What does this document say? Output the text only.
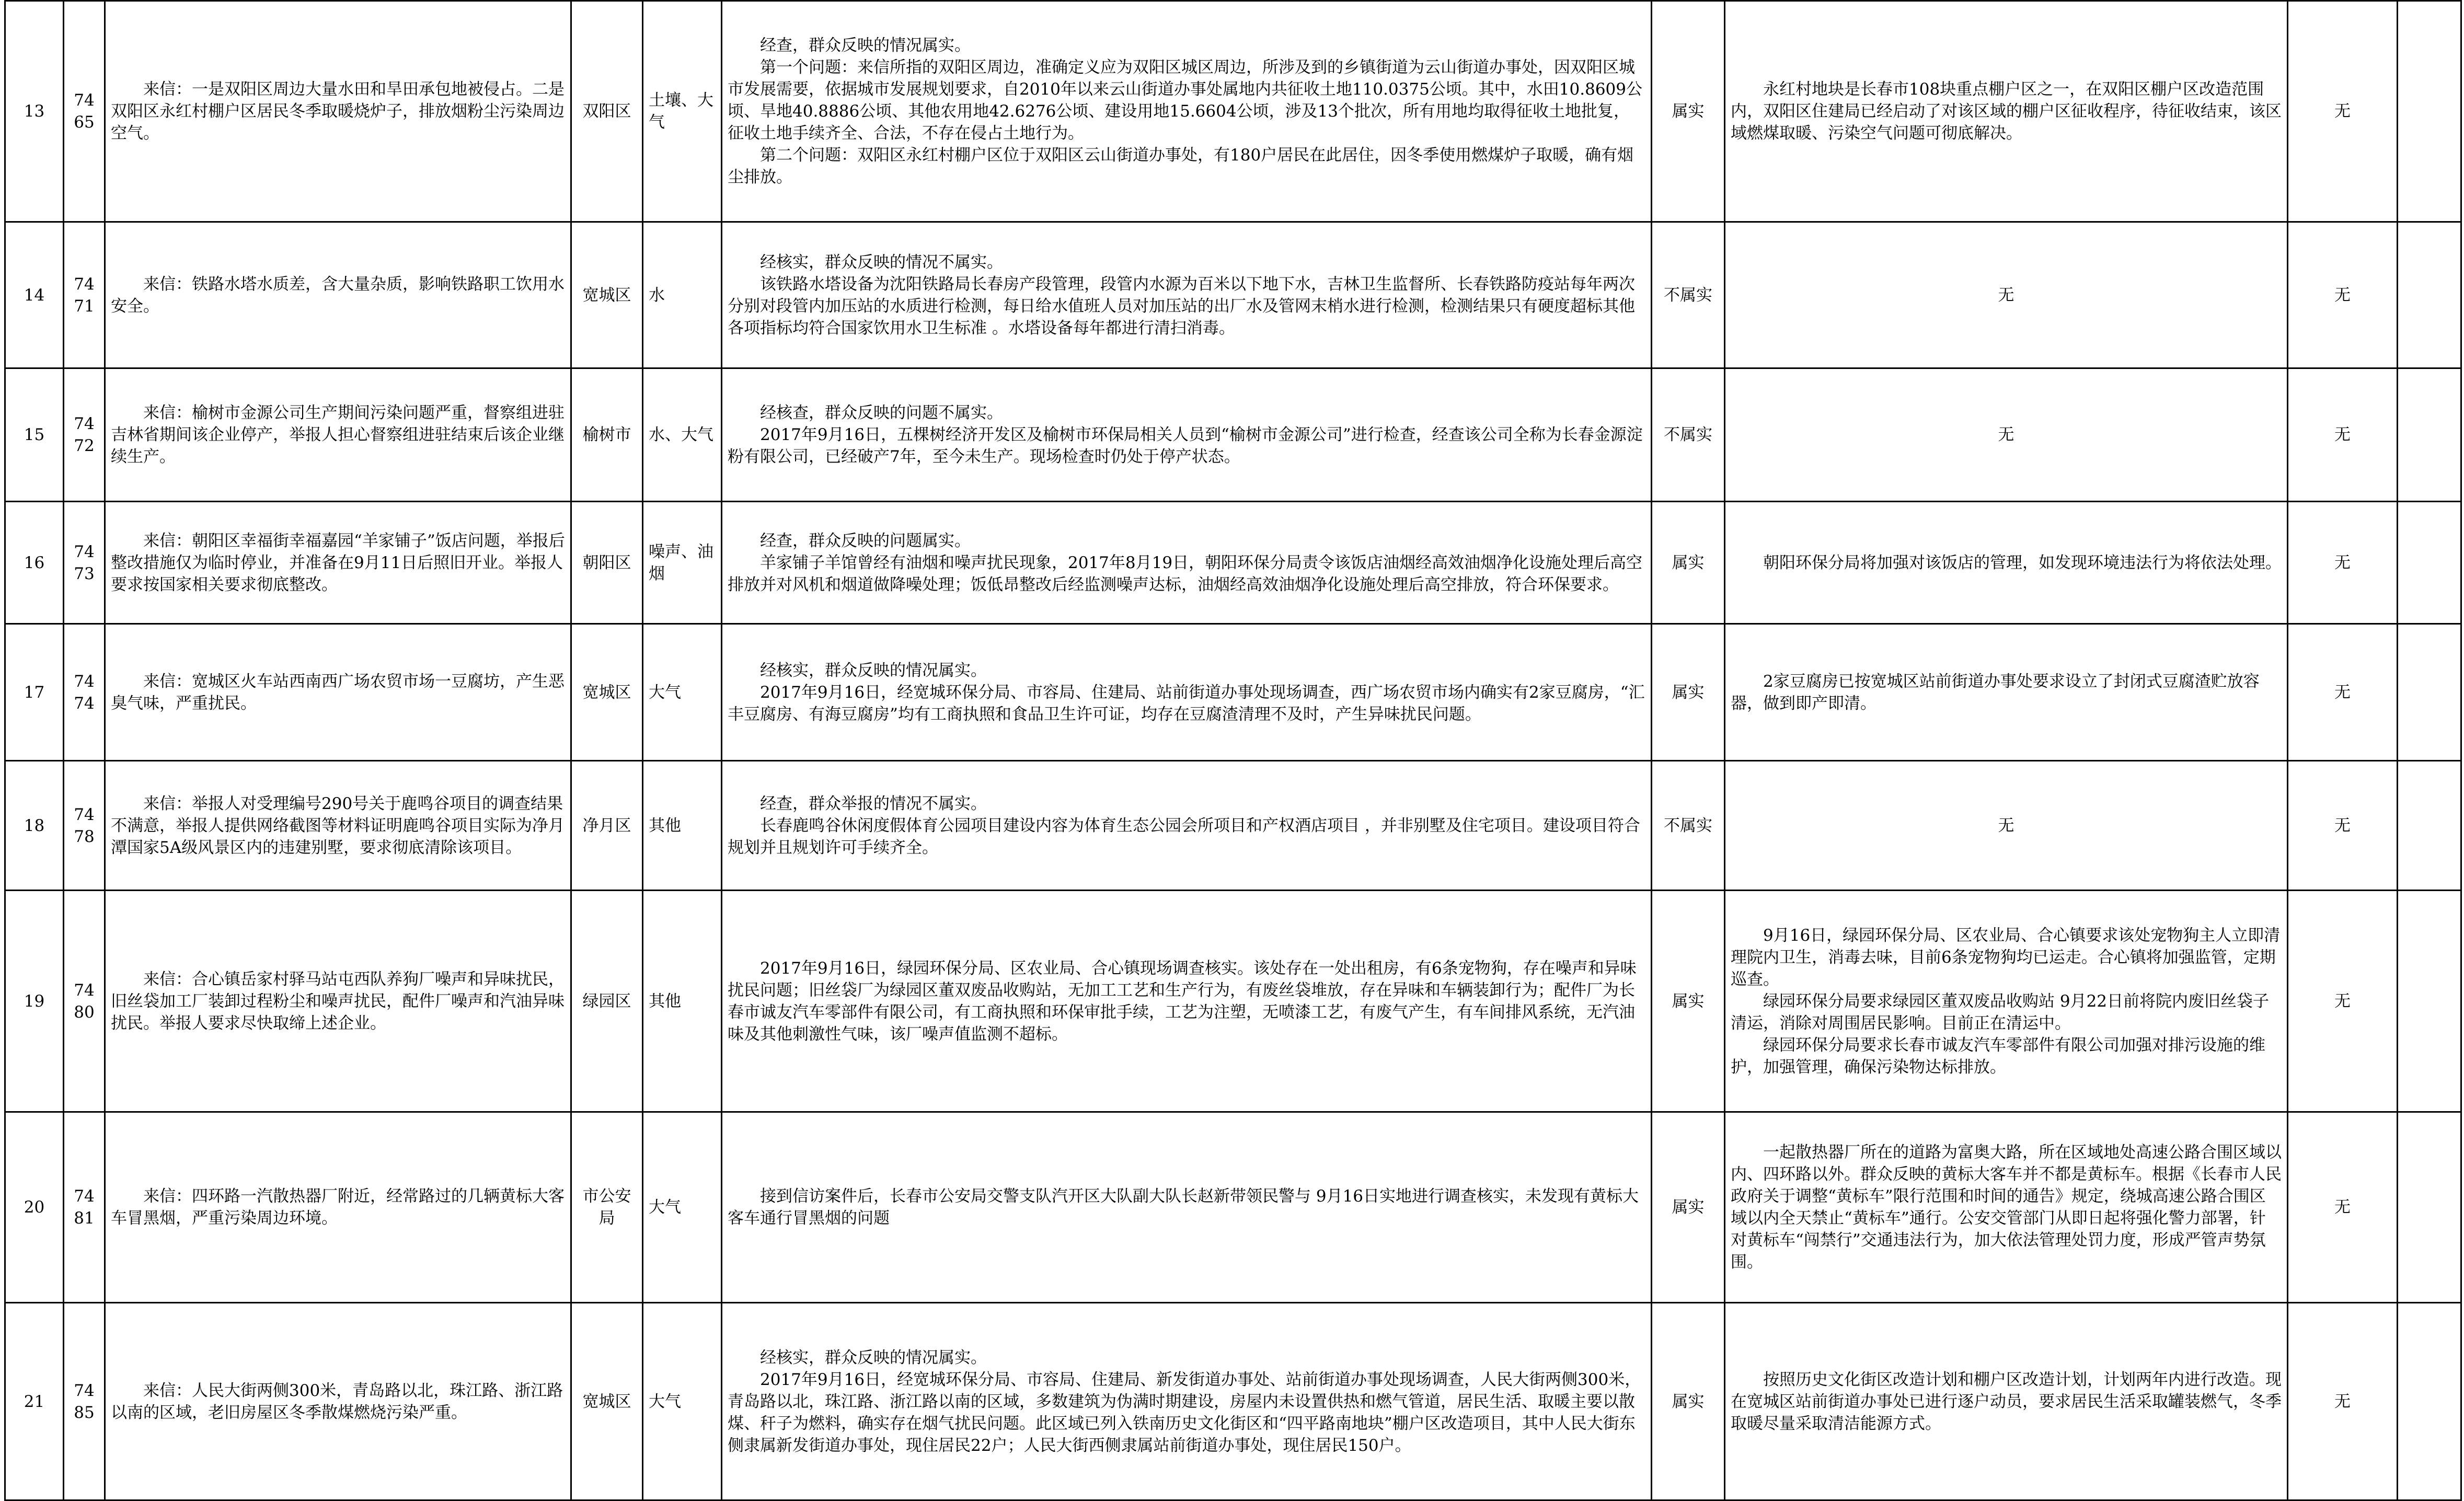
13	7465	　　来信：一是双阳区周边大量水田和旱田承包地被侵占。二是双阳区永红村棚户区居民冬季取暖烧炉子，排放烟粉尘污染周边空气。	双阳区	土壤、大气	　　经查，群众反映的情况属实。
　　第一个问题：来信所指的双阳区周边，准确定义应为双阳区城区周边，所涉及到的乡镇街道为云山街道办事处，因双阳区城市发展需要，依据城市发展规划要求，自2010年以来云山街道办事处属地内共征收土地110.0375公顷。其中，水田10.8609公顷、旱地40.8886公顷、其他农用地42.6276公顷、建设用地15.6604公顷，涉及13个批次，所有用地均取得征收土地批复，征收土地手续齐全、合法，不存在侵占土地行为。
　　第二个问题：双阳区永红村棚户区位于双阳区云山街道办事处，有180户居民在此居住，因冬季使用燃煤炉子取暖，确有烟尘排放。	属实	　　永红村地块是长春市108块重点棚户区之一，在双阳区棚户区改造范围内，双阳区住建局已经启动了对该区域的棚户区征收程序，待征收结束，该区域燃煤取暖、污染空气问题可彻底解决。	无	
14	7471	　　来信：铁路水塔水质差，含大量杂质，影响铁路职工饮用水安全。	宽城区	水	　　经核实，群众反映的情况不属实。
　　该铁路水塔设备为沈阳铁路局长春房产段管理，段管内水源为百米以下地下水，吉林卫生监督所、长春铁路防疫站每年两次分别对段管内加压站的水质进行检测，每日给水值班人员对加压站的出厂水及管网末梢水进行检测，检测结果只有硬度超标其他各项指标均符合国家饮用水卫生标准 。水塔设备每年都进行清扫消毒。	不属实	无	无	
15	7472	　　来信：榆树市金源公司生产期间污染问题严重，督察组进驻吉林省期间该企业停产，举报人担心督察组进驻结束后该企业继续生产。	榆树市	水、大气	　　经核查，群众反映的问题不属实。
　　2017年9月16日，五棵树经济开发区及榆树市环保局相关人员到“榆树市金源公司”进行检查，经查该公司全称为长春金源淀粉有限公司，已经破产7年，至今未生产。现场检查时仍处于停产状态。	不属实	无	无	
16	7473	　　来信：朝阳区幸福街幸福嘉园“羊家铺子”饭店问题，举报后整改措施仅为临时停业，并准备在9月11日后照旧开业。举报人要求按国家相关要求彻底整改。	朝阳区	噪声、油烟	　　经查，群众反映的问题属实。
　　羊家铺子羊馆曾经有油烟和噪声扰民现象，2017年8月19日，朝阳环保分局责令该饭店油烟经高效油烟净化设施处理后高空排放并对风机和烟道做降噪处理；饭低昂整改后经监测噪声达标，油烟经高效油烟净化设施处理后高空排放，符合环保要求。	属实	　　朝阳环保分局将加强对该饭店的管理，如发现环境违法行为将依法处理。	无	
17	7474	　　来信：宽城区火车站西南西广场农贸市场一豆腐坊，产生恶臭气味，严重扰民。	宽城区	大气	　　经核实，群众反映的情况属实。
　　2017年9月16日，经宽城环保分局、市容局、住建局、站前街道办事处现场调查，西广场农贸市场内确实有2家豆腐房，“汇丰豆腐房、有海豆腐房”均有工商执照和食品卫生许可证，均存在豆腐渣清理不及时，产生异味扰民问题。	属实	　　2家豆腐房已按宽城区站前街道办事处要求设立了封闭式豆腐渣贮放容器，做到即产即清。	无	
18	7478	　　来信：举报人对受理编号290号关于鹿鸣谷项目的调查结果不满意，举报人提供网络截图等材料证明鹿鸣谷项目实际为净月潭国家5A级风景区内的违建别墅，要求彻底清除该项目。	净月区	其他	　　经查，群众举报的情况不属实。
　　长春鹿鸣谷休闲度假体育公园项目建设内容为体育生态公园会所项目和产权酒店项目 ，并非别墅及住宅项目。建设项目符合规划并且规划许可手续齐全。	不属实	无	无	
19	7480	　　来信：合心镇岳家村驿马站屯西队养狗厂噪声和异味扰民，旧丝袋加工厂装卸过程粉尘和噪声扰民，配件厂噪声和汽油异味扰民。举报人要求尽快取缔上述企业。	绿园区	其他	　　2017年9月16日，绿园环保分局、区农业局、合心镇现场调查核实。该处存在一处出租房，有6条宠物狗，存在噪声和异味扰民问题；旧丝袋厂为绿园区董双废品收购站，无加工工艺和生产行为，有废丝袋堆放，存在异味和车辆装卸行为；配件厂为长春市诚友汽车零部件有限公司，有工商执照和环保审批手续，工艺为注塑，无喷漆工艺，有废气产生，有车间排风系统，无汽油味及其他刺激性气味，该厂噪声值监测不超标。	属实	　　9月16日，绿园环保分局、区农业局、合心镇要求该处宠物狗主人立即清理院内卫生，消毒去味，目前6条宠物狗均已运走。合心镇将加强监管，定期巡查。
　　绿园环保分局要求绿园区董双废品收购站 9月22日前将院内废旧丝袋子清运，消除对周围居民影响。目前正在清运中。
　　绿园环保分局要求长春市诚友汽车零部件有限公司加强对排污设施的维护，加强管理，确保污染物达标排放。	无	
20	7481	　　来信：四环路一汽散热器厂附近，经常路过的几辆黄标大客车冒黑烟，严重污染周边环境。	市公安局	大气	　　接到信访案件后，长春市公安局交警支队汽开区大队副大队长赵新带领民警与 9月16日实地进行调查核实，未发现有黄标大客车通行冒黑烟的问题	属实	　　一起散热器厂所在的道路为富奥大路，所在区域地处高速公路合围区域以内、四环路以外。群众反映的黄标大客车并不都是黄标车。根据《长春市人民政府关于调整“黄标车”限行范围和时间的通告》规定，绕城高速公路合围区域以内全天禁止“黄标车”通行。公安交管部门从即日起将强化警力部署，针对黄标车“闯禁行”交通违法行为，加大依法管理处罚力度，形成严管声势氛围。	无	
21	7485	　　来信：人民大街两侧300米，青岛路以北，珠江路、浙江路以南的区域，老旧房屋区冬季散煤燃烧污染严重。	宽城区	大气	　　经核实，群众反映的情况属实。
　　2017年9月16日，经宽城环保分局、市容局、住建局、新发街道办事处、站前街道办事处现场调查，人民大街两侧300米，青岛路以北，珠江路、浙江路以南的区域，多数建筑为伪满时期建设，房屋内未设置供热和燃气管道，居民生活、取暖主要以散煤、秆子为燃料，确实存在烟气扰民问题。此区域已列入铁南历史文化街区和“四平路南地块”棚户区改造项目，其中人民大街东侧隶属新发街道办事处，现住居民22户；人民大街西侧隶属站前街道办事处，现住居民150户。	属实	　　按照历史文化街区改造计划和棚户区改造计划，计划两年内进行改造。现在宽城区站前街道办事处已进行逐户动员，要求居民生活采取罐装燃气，冬季取暖尽量采取清洁能源方式。	无	
